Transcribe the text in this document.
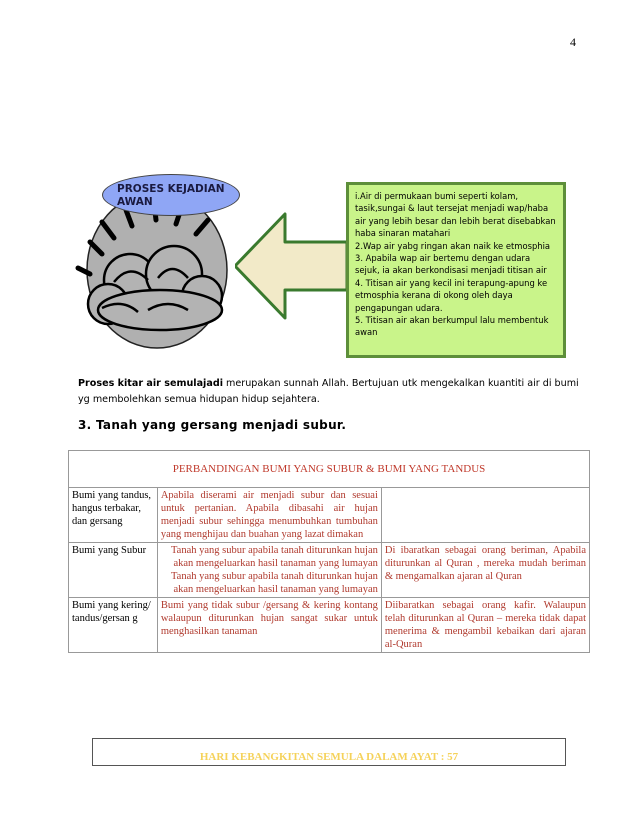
4
PROSES KEJADIAN
AWAN	i.Air di permukaan bumi seperti kolam, tasik,sungai & laut tersejat menjadi wap/haba air yang lebih besar dan lebih berat disebabkan haba sinaran matahari

2.Wap air yabg ringan akan naik ke etmosphia

3. Apabila wap air bertemu dengan udara sejuk, ia akan berkondisasi menjadi titisan air

4. Titisan air yang kecil ini terapung-apung ke etmosphia kerana di okong oleh daya pengapungan udara.

5. Titisan air akan berkumpul lalu membentuk awan

Proses kitar air semulajadi merupakan sunnah Allah. Bertujuan utk mengekalkan kuantiti air di bumi yg membolehkan semua hidupan hidup sejahtera.
3. Tanah yang gersang menjadi subur.
PERBANDINGAN BUMI YANG SUBUR & BUMI YANG TANDUS		
Bumi yang tandus, hangus terbakar, dan gersang	Apabila diserami air menjadi subur dan sesuai untuk pertanian. Apabila dibasahi air hujan menjadi subur sehingga menumbuhkan tumbuhan yang menghijau dan buahan yang lazat dimakan	
Bumi yang Subur	Tanah yang subur apabila tanah diturunkan hujan akan mengeluarkan hasil tanaman yang lumayan Tanah yang subur apabila tanah diturunkan hujan akan mengeluarkan hasil tanaman yang lumayan	Di ibaratkan sebagai orang beriman, Apabila diturunkan al Quran , mereka mudah beriman & mengamalkan ajaran al Quran
Bumi yang kering/ tandus/gersan g	Bumi yang tidak subur /gersang & kering kontang walaupun diturunkan hujan sangat sukar untuk menghasilkan tanaman	Diibaratkan sebagai orang kafir. Walaupun telah diturunkan al Quran – mereka tidak dapat menerima & mengambil kebaikan dari ajaran al-Quran
HARI KEBANGKITAN SEMULA DALAM AYAT : 57
